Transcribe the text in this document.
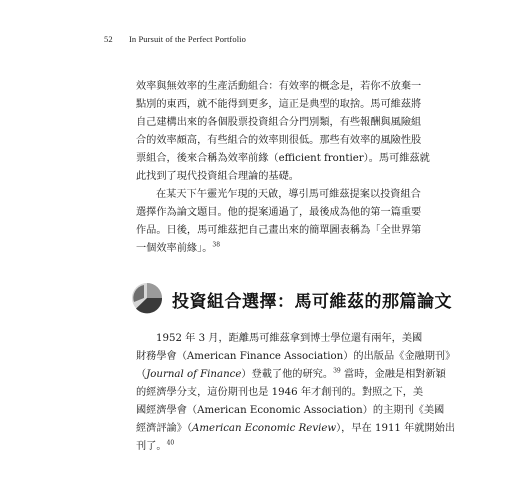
52 In Pursuit of the Perfect Portfolio
效率與無效率的生產活動組合：有效率的概念是，若你不放棄一
點別的東西，就不能得到更多，這正是典型的取捨。馬可維茲將
自己建構出來的各個股票投資組合分門別類，有些報酬與風險組
合的效率頗高，有些組合的效率則很低。那些有效率的風險性股
票組合，後來合稱為效率前緣（efficient frontier）。馬可維茲就
此找到了現代投資組合理論的基礎。
在某天下午靈光乍現的天啟，導引馬可維茲提案以投資組合
選擇作為論文題目。他的提案通過了，最後成為他的第一篇重要
作品。日後，馬可維茲把自己畫出來的簡單圖表稱為「全世界第
一個效率前緣」。$^{38}$
投資組合選擇：馬可維茲的那篇論文
1952 年 3 月，距離馬可維茲拿到博士學位還有兩年，美國
財務學會（American Finance Association）的出版品《金融期刊》
（Journal of Finance）登載了他的研究。$^{39}$ 當時，金融是相對新穎
的經濟學分支，這份期刊也是 1946 年才創刊的。對照之下，美
國經濟學會（American Economic Association）的主期刊《美國
經濟評論》（American Economic Review），早在 1911 年就開始出
刊了。$^{40}$
